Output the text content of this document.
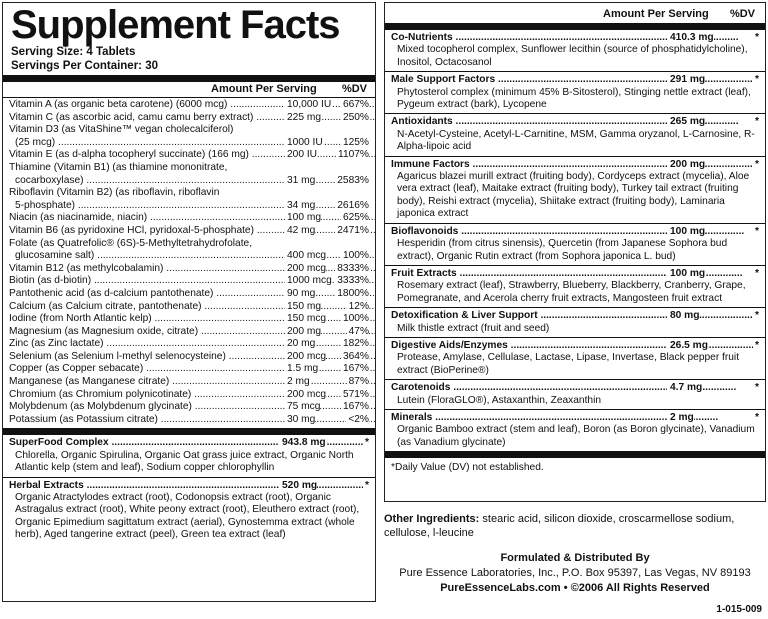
Supplement Facts
Serving Size: 4 Tablets
Servings Per Container: 30
Amount Per Serving %DV
Vitamin A (as organic beta carotene) (6000 mcg) .....	10,000 IU 667%
Vitamin C (as ascorbic acid, camu camu berry extract) .....	225 mg 250%
Vitamin D3 (as VitaShine™ vegan cholecalciferol)
(25 mcg) .....	1000 IU 125%
Vitamin E (as d-alpha tocopheryl succinate) (166 mg) .....	200 IU 1107%
Thiamine (Vitamin B1) (as thiamine mononitrate,
cocarboxylase) .....	31 mg 2583%
Riboflavin (Vitamin B2) (as riboflavin, riboflavin
5-phosphate) .....	34 mg 2616%
Niacin (as niacinamide, niacin) .....	100 mg 625%
Vitamin B6 (as pyridoxine HCl, pyridoxal-5-phosphate) .....	42 mg 2471%
Folate (as Quatrefolic® (6S)-5-Methyltetrahydrofolate,
glucosamine salt) .....	400 mcg 100%
Vitamin B12 (as methylcobalamin) .....	200 mcg 8333%
Biotin (as d-biotin) .....	1000 mcg 3333%
Pantothenic acid (as d-calcium pantothenate) .....	90 mg 1800%
Calcium (as Calcium citrate, pantothenate) .....	150 mg	12%
Iodine (from North Atlantic kelp) .....	150 mcg 100%
Magnesium (as Magnesium oxide, citrate) .....	200 mg	47%
Zinc (as Zinc lactate) .....	20 mg	182%
Selenium (as Selenium l-methyl selenocysteine) .....	200 mcg 364%
Copper (as Copper sebacate) .....	1.5 mg 167%
Manganese (as Manganese citrate) .....	2 mg	87%
Chromium (as Chromium polynicotinate) .....	200 mcg 571%
Molybdenum (as Molybdenum glycinate) .....	75 mcg 167%
Potassium (as Potassium citrate) .....	30 mg	<2%
SuperFood Complex .....	943.8 mg	*
Chlorella, Organic Spirulina, Organic Oat grass juice extract, Organic North Atlantic kelp (stem and leaf), Sodium copper chlorophyllin
Herbal Extracts .....	520 mg	*
Organic Atractylodes extract (root), Codonopsis extract (root), Organic Astragalus extract (root), White peony extract (root), Eleuthero extract (root), Organic Epimedium sagittatum extract (aerial), Gynostemma extract (whole herb), Aged tangerine extract (peel), Green tea extract (leaf)
Amount Per Serving %DV
Co-Nutrients .....	410.3 mg	*
Mixed tocopherol complex, Sunflower lecithin (source of phosphatidylcholine), Inositol, Octacosanol
Male Support Factors .....	291 mg	*
Phytosterol complex (minimum 45% B-Sitosterol), Stinging nettle extract (leaf), Pygeum extract (bark), Lycopene
Antioxidants .....	265 mg	*
N-Acetyl-Cysteine, Acetyl-L-Carnitine, MSM, Gamma oryzanol, L-Carnosine, R-Alpha-lipoic acid
Immune Factors .....	200 mg	*
Agaricus blazei murill extract (fruiting body), Cordyceps extract (mycelia), Aloe vera extract (leaf), Maitake extract (fruiting body), Turkey tail extract (fruiting body), Reishi extract (mycelia), Shiitake extract (fruiting body), Laminaria japonica extract
Bioflavonoids .....	100 mg	*
Hesperidin (from citrus sinensis), Quercetin (from Japanese Sophora bud extract), Organic Rutin extract (from Sophora japonica L. bud)
Fruit Extracts .....	100 mg	*
Rosemary extract (leaf), Strawberry, Blueberry, Blackberry, Cranberry, Grape, Pomegranate, and Acerola cherry fruit extracts, Mangosteen fruit extract
Detoxification & Liver Support .....	80 mg	*
Milk thistle extract (fruit and seed)
Digestive Aids/Enzymes .....	26.5 mg	*
Protease, Amylase, Cellulase, Lactase, Lipase, Invertase, Black pepper fruit extract (BioPerine®)
Carotenoids .....	4.7 mg	*
Lutein (FloraGLO®), Astaxanthin, Zeaxanthin
Minerals .....	2 mg	*
Organic Bamboo extract (stem and leaf), Boron (as Boron glycinate), Vanadium (as Vanadium glycinate)
*Daily Value (DV) not established.
Other Ingredients: stearic acid, silicon dioxide, croscarmellose sodium, cellulose, l-leucine
Formulated & Distributed By
Pure Essence Laboratories, Inc., P.O. Box 95397, Las Vegas, NV 89193
PureEssenceLabs.com • ©2006 All Rights Reserved
1-015-009
